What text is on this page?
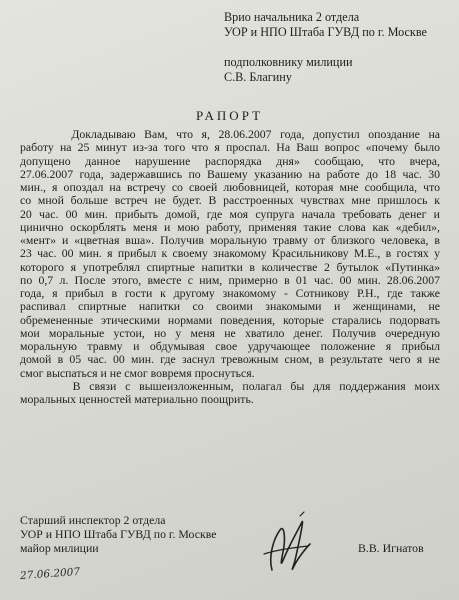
Врио начальника 2 отдела
УОР и НПО Штаба ГУВД по г. Москве
подполковнику милиции
С.В. Благину
РАПОРТ
Докладываю Вам, что я, 28.06.2007 года, допустил опоздание на
работу на 25 минут из-за того что я проспал. На Ваш вопрос «почему было
допущено данное нарушение распорядка дня» сообщаю, что вчера,
27.06.2007 года, задержавшись по Вашему указанию на работе до 18 час. 30
мин., я опоздал на встречу со своей любовницей, которая мне сообщила, что
со мной больше встреч не будет. В расстроенных чувствах мне пришлось к
20 час. 00 мин. прибыть домой, где моя супруга начала требовать денег и
цинично оскорблять меня и мою работу, применяя такие слова как «дебил»,
«мент» и «цветная вша». Получив моральную травму от близкого человека, в
23 час. 00 мин. я прибыл к своему знакомому Красильникову М.Е., в гостях у
которого я употреблял спиртные напитки в количестве 2 бутылок «Путинка»
по 0,7 л. После этого, вместе с ним, примерно в 01 час. 00 мин. 28.06.2007
года, я прибыл в гости к другому знакомому - Сотникову Р.Н., где также
распивал спиртные напитки со своими знакомыми и женщинами, не
обремененные этическими нормами поведения, которые старались подорвать
мои моральные устои, но у меня не хватило денег. Получив очередную
моральную травму и обдумывая свое удручающее положение я прибыл
домой в 05 час. 00 мин. где заснул тревожным сном, в результате чего я не
смог выспаться и не смог вовремя проснуться.
В связи с вышеизложенным, полагал бы для поддержания моих
моральных ценностей материально поощрить.
Старший инспектор 2 отдела
УОР и НПО Штаба ГУВД по г. Москве
майор милиции
27.06.2007
В.В. Игнатов
